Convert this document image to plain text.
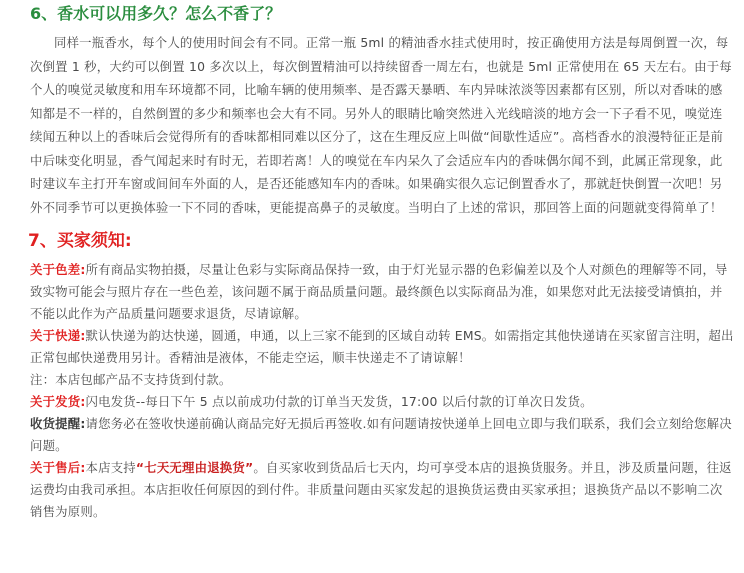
6、香水可以用多久？怎么不香了？

同样一瓶香水，每个人的使用时间会有不同。正常一瓶 5ml 的精油香水挂式使用时，按正确使用方法是每周倒置一次，每次倒置 1 秒，大约可以倒置 10 多次以上，每次倒置精油可以持续留香一周左右，也就是 5ml 正常使用在 65 天左右。由于每个人的嗅觉灵敏度和用车环境都不同，比喻车辆的使用频率、是否露天暴晒、车内异味浓淡等因素都有区别，所以对香味的感知都是不一样的，自然倒置的多少和频率也会大有不同。另外人的眼睛比喻突然进入光线暗淡的地方会一下子看不见，嗅觉连续闻五种以上的香味后会觉得所有的香味都相同难以区分了，这在生理反应上叫做“间歇性适应”。高档香水的浪漫特征正是前中后味变化明显，香气闻起来时有时无，若即若离！人的嗅觉在车内呆久了会适应车内的香味偶尔闻不到，此属正常现象，此时建议车主打开车窗或间间车外面的人，是否还能感知车内的香味。如果确实很久忘记倒置香水了，那就赶快倒置一次吧！另外不同季节可以更换体验一下不同的香味，更能提高鼻子的灵敏度。当明白了上述的常识，那回答上面的问题就变得简单了！

7、买家须知:
关于色差:所有商品实物拍摄，尽量让色彩与实际商品保持一致，由于灯光显示器的色彩偏差以及个人对颜色的理解等不同，导致实物可能会与照片存在一些色差，该问题不属于商品质量问题。最终颜色以实际商品为准，如果您对此无法接受请慎拍，并不能以此作为产品质量问题要求退货，尽请谅解。
关于快递:默认快递为韵达快递，圆通，申通，以上三家不能到的区域自动转 EMS。如需指定其他快递请在买家留言注明，超出正常包邮快递费用另计。香精油是液体，不能走空运，顺丰快递走不了请谅解！
注：本店包邮产品不支持货到付款。
关于发货:闪电发货--每日下午 5 点以前成功付款的订单当天发货，17:00 以后付款的订单次日发货。
收货提醒:请您务必在签收快递前确认商品完好无损后再签收.如有问题请按快递单上回电立即与我们联系，我们会立刻给您解决问题。
关于售后:本店支持“七天无理由退换货”。自买家收到货品后七天内，均可享受本店的退换货服务。并且，涉及质量问题，往返运费均由我司承担。本店拒收任何原因的到付件。非质量问题由买家发起的退换货运费由买家承担；退换货产品以不影响二次销售为原则。
